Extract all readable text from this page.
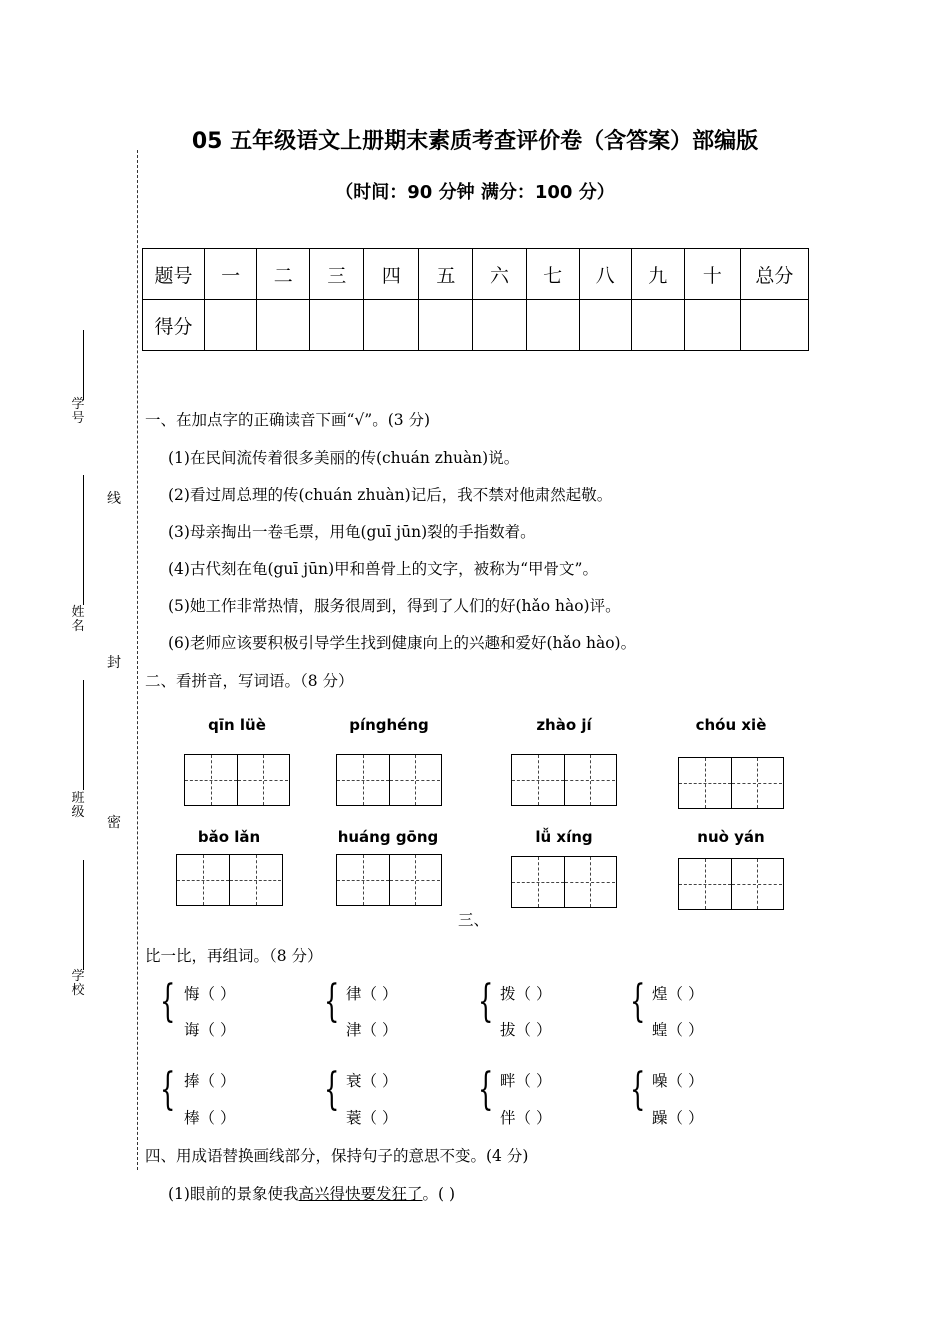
05 五年级语文上册期末素质考查评价卷（含答案）部编版
（时间：90 分钟 满分：100 分）
学号
姓名
班级
学校
线
封
密
题号	一	二	三	四	五	六	七	八	九	十	总分
得分											
一、在加点字的正确读音下画“√”。(3 分)
(1)在民间流传着很多美丽的传(chuán zhuàn)说。
(2)看过周总理的传(chuán zhuàn)记后，我不禁对他肃然起敬。
(3)母亲掏出一卷毛票，用龟(guī jūn)裂的手指数着。
(4)古代刻在龟(guī jūn)甲和兽骨上的文字，被称为“甲骨文”。
(5)她工作非常热情，服务很周到，得到了人们的好(hǎo hào)评。
(6)老师应该要积极引导学生找到健康向上的兴趣和爱好(hǎo hào)。
二、看拼音，写词语。（8 分）
qīn lüè	pínghéng	zhào jí	chóu xiè
bǎo lǎn	huáng gōng	lǚ xíng	nuò yán
三、
比一比，再组词。（8 分）
{ 悔（ ）
诲（ ）
{ 律（ ）
津（ ）
{ 拨（ ）
拔（ ）
{ 煌（ ）
蝗（ ）
{ 捧（ ）
棒（ ）
{ 衰（ ）
蓑（ ）
{ 畔（ ）
伴（ ）
{ 噪（ ）
躁（ ）
四、用成语替换画线部分，保持句子的意思不变。(4 分)
(1)眼前的景象使我高兴得快要发狂了。( )
